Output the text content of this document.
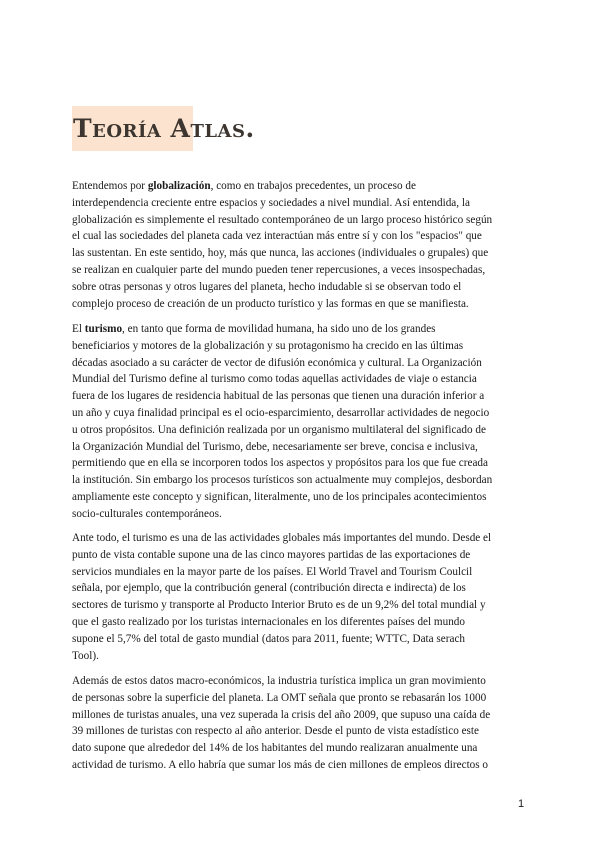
Teoría Atlas.
Entendemos por globalización, como en trabajos precedentes, un proceso de
interdependencia creciente entre espacios y sociedades a nivel mundial. Así entendida, la
globalización es simplemente el resultado contemporáneo de un largo proceso histórico según
el cual las sociedades del planeta cada vez interactúan más entre sí y con los "espacios" que
las sustentan. En este sentido, hoy, más que nunca, las acciones (individuales o grupales) que
se realizan en cualquier parte del mundo pueden tener repercusiones, a veces insospechadas,
sobre otras personas y otros lugares del planeta, hecho indudable si se observan todo el
complejo proceso de creación de un producto turístico y las formas en que se manifiesta.
El turismo, en tanto que forma de movilidad humana, ha sido uno de los grandes
beneficiarios y motores de la globalización y su protagonismo ha crecido en las últimas
décadas asociado a su carácter de vector de difusión económica y cultural. La Organización
Mundial del Turismo define al turismo como todas aquellas actividades de viaje o estancia
fuera de los lugares de residencia habitual de las personas que tienen una duración inferior a
un año y cuya finalidad principal es el ocio-esparcimiento, desarrollar actividades de negocio
u otros propósitos. Una definición realizada por un organismo multilateral del significado de
la Organización Mundial del Turismo, debe, necesariamente ser breve, concisa e inclusiva,
permitiendo que en ella se incorporen todos los aspectos y propósitos para los que fue creada
la institución. Sin embargo los procesos turísticos son actualmente muy complejos, desbordan
ampliamente este concepto y significan, literalmente, uno de los principales acontecimientos
socio-culturales contemporáneos.
Ante todo, el turismo es una de las actividades globales más importantes del mundo. Desde el
punto de vista contable supone una de las cinco mayores partidas de las exportaciones de
servicios mundiales en la mayor parte de los países. El World Travel and Tourism Coulcil
señala, por ejemplo, que la contribución general (contribución directa e indirecta) de los
sectores de turismo y transporte al Producto Interior Bruto es de un 9,2% del total mundial y
que el gasto realizado por los turistas internacionales en los diferentes países del mundo
supone el 5,7% del total de gasto mundial (datos para 2011, fuente; WTTC, Data serach
Tool).
Además de estos datos macro-económicos, la industria turística implica un gran movimiento
de personas sobre la superficie del planeta. La OMT señala que pronto se rebasarán los 1000
millones de turistas anuales, una vez superada la crisis del año 2009, que supuso una caída de
39 millones de turistas con respecto al año anterior. Desde el punto de vista estadístico este
dato supone que alrededor del 14% de los habitantes del mundo realizaran anualmente una
actividad de turismo. A ello habría que sumar los más de cien millones de empleos directos o
1
